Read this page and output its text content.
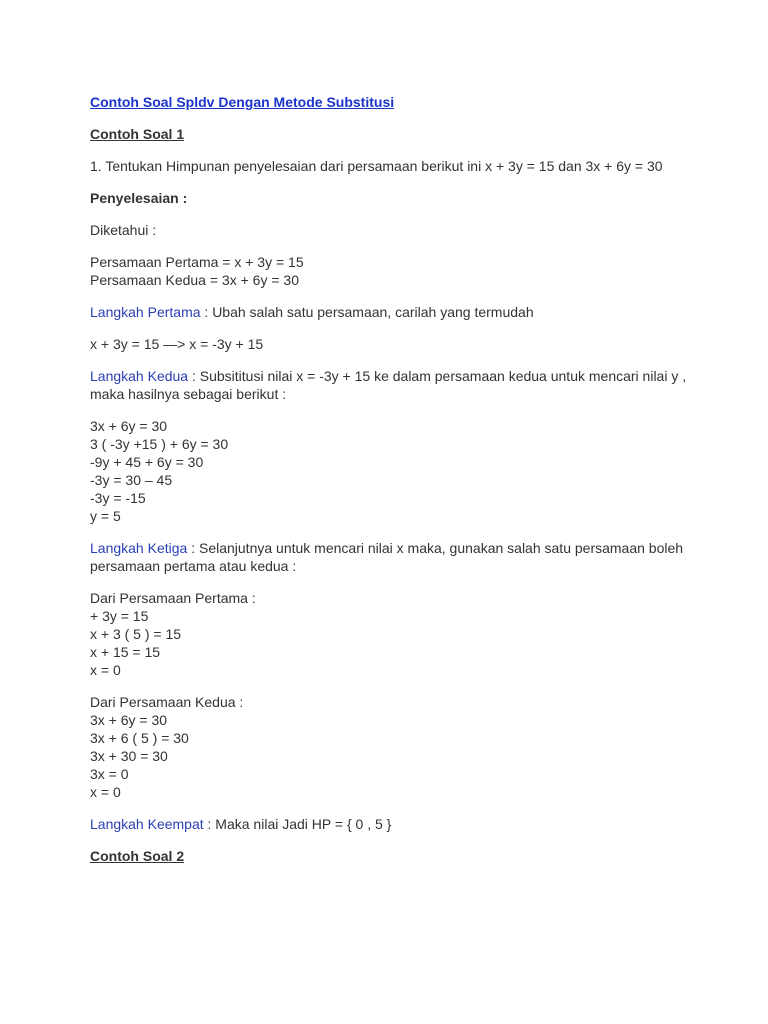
Contoh Soal Spldv Dengan Metode Substitusi
Contoh Soal 1

1. Tentukan Himpunan penyelesaian dari persamaan berikut ini x + 3y = 15 dan 3x + 6y = 30

Penyelesaian :

Diketahui :

Persamaan Pertama = x + 3y = 15
Persamaan Kedua = 3x + 6y = 30

Langkah Pertama : Ubah salah satu persamaan, carilah yang termudah

x + 3y = 15 —> x = -3y + 15

Langkah Kedua : Subsititusi nilai x = -3y + 15 ke dalam persamaan kedua untuk mencari nilai y , maka hasilnya sebagai berikut :

3x + 6y = 30
3 ( -3y +15 ) + 6y = 30
-9y + 45 + 6y = 30
-3y = 30 – 45
-3y = -15
y = 5

Langkah Ketiga : Selanjutnya untuk mencari nilai x maka, gunakan salah satu persamaan boleh persamaan pertama atau kedua :

Dari Persamaan Pertama :
+ 3y = 15
x + 3 ( 5 ) = 15
x + 15 = 15
x = 0
Dari Persamaan Kedua :
3x + 6y = 30
3x + 6 ( 5 ) = 30
3x + 30 = 30
3x = 0
x = 0

Langkah Keempat : Maka nilai Jadi HP = { 0 , 5 }

Contoh Soal 2
